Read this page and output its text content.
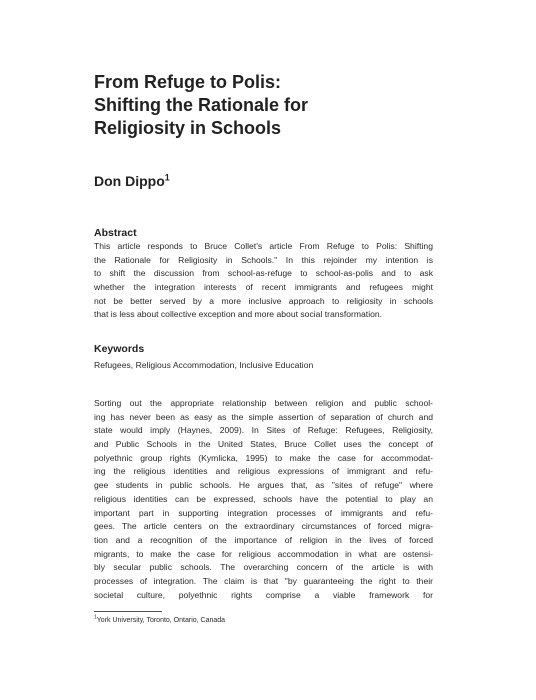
From Refuge to Polis:
Shifting the Rationale for
Religiosity in Schools
Don Dippo$^1$
Abstract
This article responds to Bruce Collet's article From Refuge to Polis: Shifting
the Rationale for Religiosity in Schools." In this rejoinder my intention is
to shift the discussion from school-as-refuge to school-as-polis and to ask
whether the integration interests of recent immigrants and refugees might
not be better served by a more inclusive approach to religiosity in schools
that is less about collective exception and more about social transformation.
Keywords
Refugees, Religious Accommodation, Inclusive Education
Sorting out the appropriate relationship between religion and public school-
ing has never been as easy as the simple assertion of separation of church and
state would imply (Haynes, 2009). In Sites of Refuge: Refugees, Religiosity,
and Public Schools in the United States, Bruce Collet uses the concept of
polyethnic group rights (Kymlicka, 1995) to make the case for accommodat-
ing the religious identities and religious expressions of immigrant and refu-
gee students in public schools. He argues that, as "sites of refuge" where
religious identities can be expressed, schools have the potential to play an
important part in supporting integration processes of immigrants and refu-
gees. The article centers on the extraordinary circumstances of forced migra-
tion and a recognition of the importance of religion in the lives of forced
migrants, to make the case for religious accommodation in what are ostensi-
bly secular public schools. The overarching concern of the article is with
processes of integration. The claim is that "by guaranteeing the right to their
societal culture, polyethnic rights comprise a viable framework for
$^1$York University, Toronto, Ontario, Canada
